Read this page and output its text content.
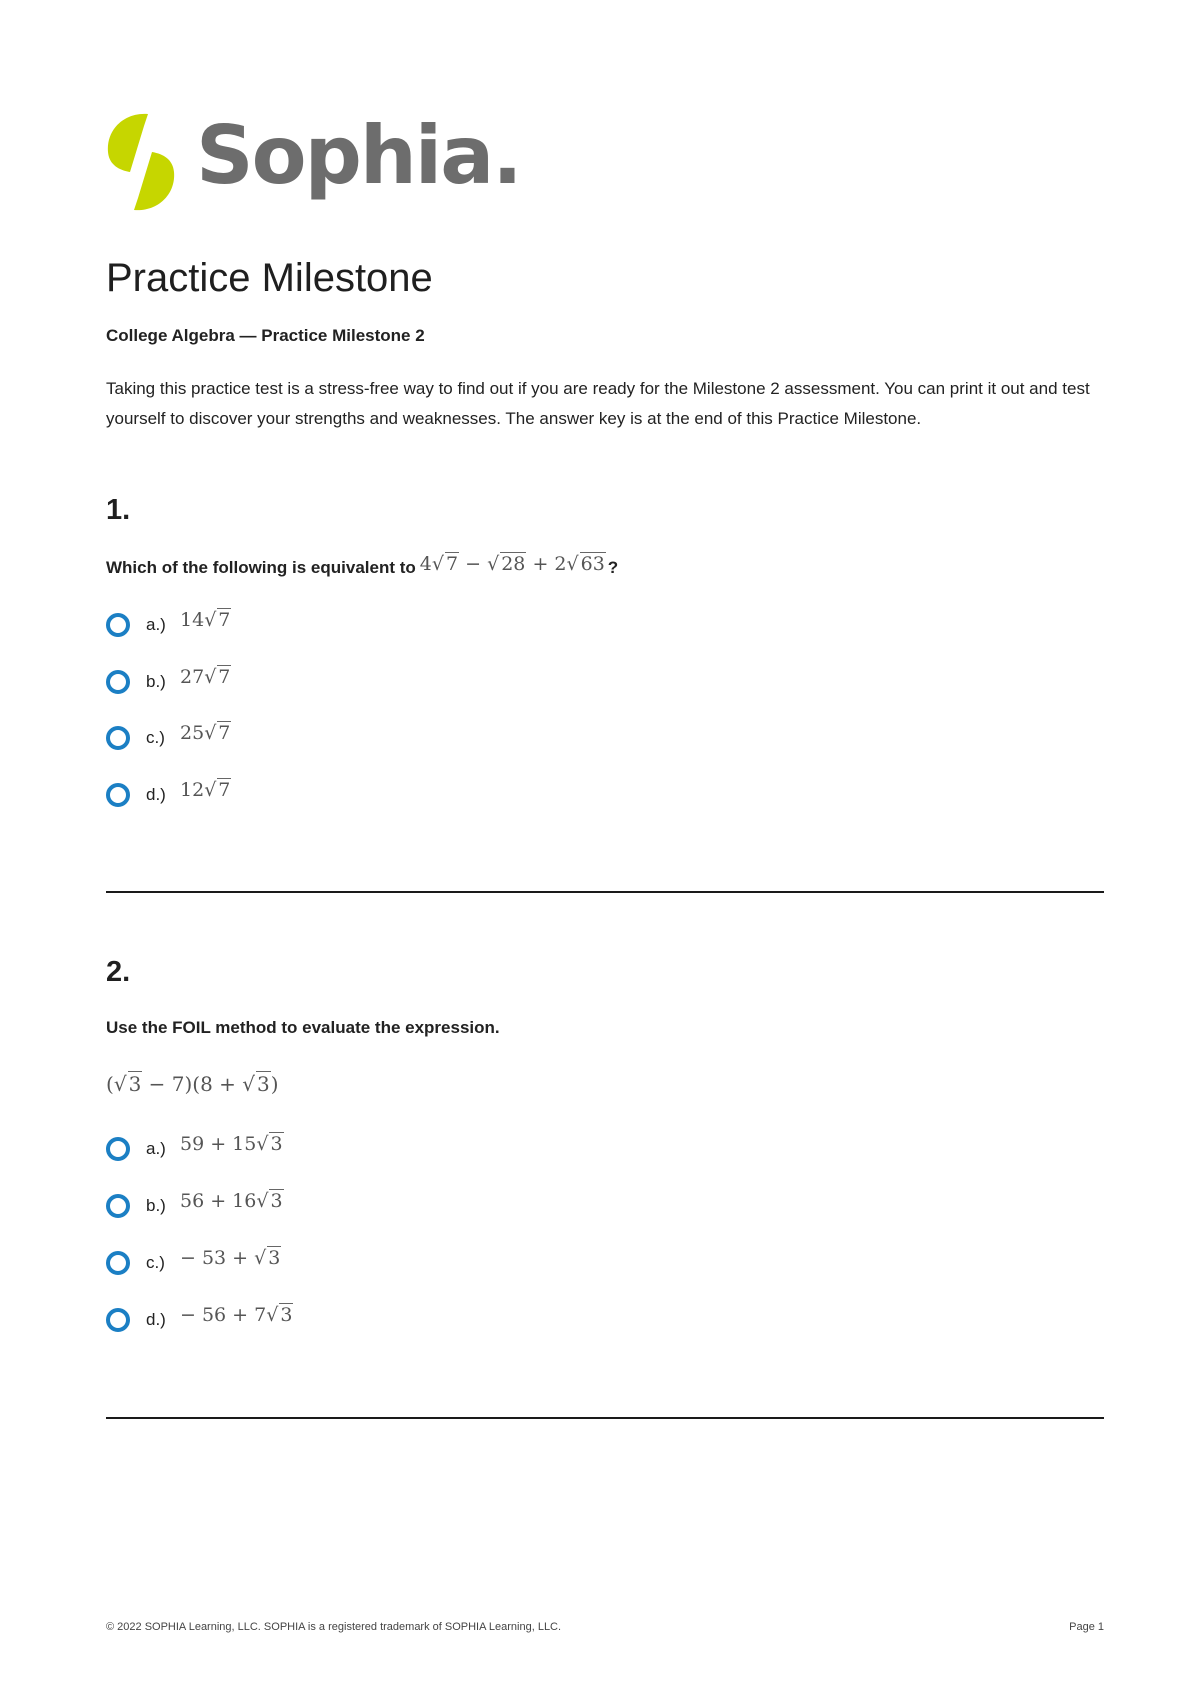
Sophia.
Practice Milestone
College Algebra — Practice Milestone 2
Taking this practice test is a stress-free way to find out if you are ready for the Milestone 2 assessment. You can print it out and test yourself to discover your strengths and weaknesses. The answer key is at the end of this Practice Milestone.
1.
Which of the following is equivalent to 4√ 7 − √ 28 + 2√ 63 ?
a.) 14√ 7
b.) 27√ 7
c.) 25√ 7
d.) 12√ 7
2.
Use the FOIL method to evaluate the expression.
(√ 3 − 7)(8 + √ 3)
a.) 59 + 15√ 3
b.) 56 + 16√ 3
c.) − 53 + √ 3
d.) − 56 + 7√ 3
© 2022 SOPHIA Learning, LLC. SOPHIA is a registered trademark of SOPHIA Learning, LLC.	Page 1
